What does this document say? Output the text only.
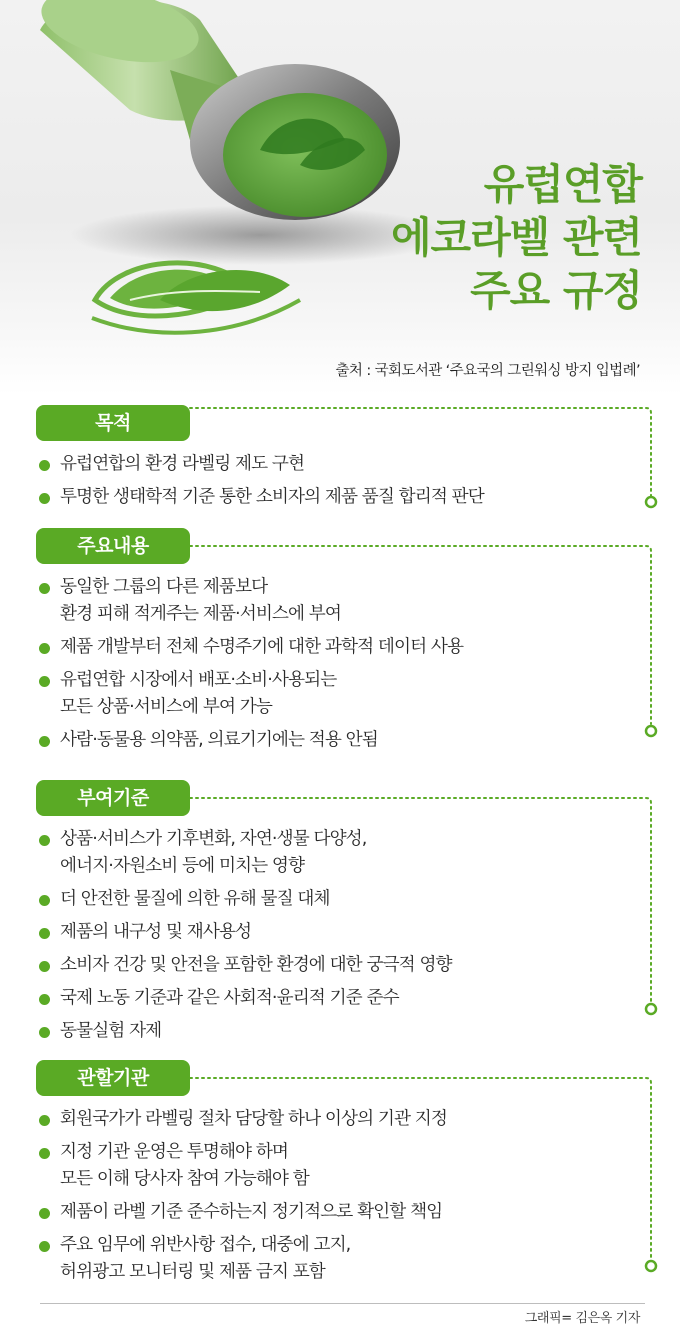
유럽연합
에코라벨 관련
주요 규정
출처 : 국회도서관 ‘주요국의 그린워싱 방지 입법례’
목적
유럽연합의 환경 라벨링 제도 구현
투명한 생태학적 기준 통한 소비자의 제품 품질 합리적 판단
주요내용
동일한 그룹의 다른 제품보다
환경 피해 적게주는 제품·서비스에 부여
제품 개발부터 전체 수명주기에 대한 과학적 데이터 사용
유럽연합 시장에서 배포·소비·사용되는
모든 상품·서비스에 부여 가능
사람·동물용 의약품, 의료기기에는 적용 안됨
부여기준
상품·서비스가 기후변화, 자연·생물 다양성,
에너지·자원소비 등에 미치는 영향
더 안전한 물질에 의한 유해 물질 대체
제품의 내구성 및 재사용성
소비자 건강 및 안전을 포함한 환경에 대한 궁극적 영향
국제 노동 기준과 같은 사회적·윤리적 기준 준수
동물실험 자제
관할기관
회원국가가 라벨링 절차 담당할 하나 이상의 기관 지정
지정 기관 운영은 투명해야 하며
모든 이해 당사자 참여 가능해야 함
제품이 라벨 기준 준수하는지 정기적으로 확인할 책임
주요 임무에 위반사항 접수, 대중에 고지,
허위광고 모니터링 및 제품 금지 포함
그래픽= 김은옥 기자
